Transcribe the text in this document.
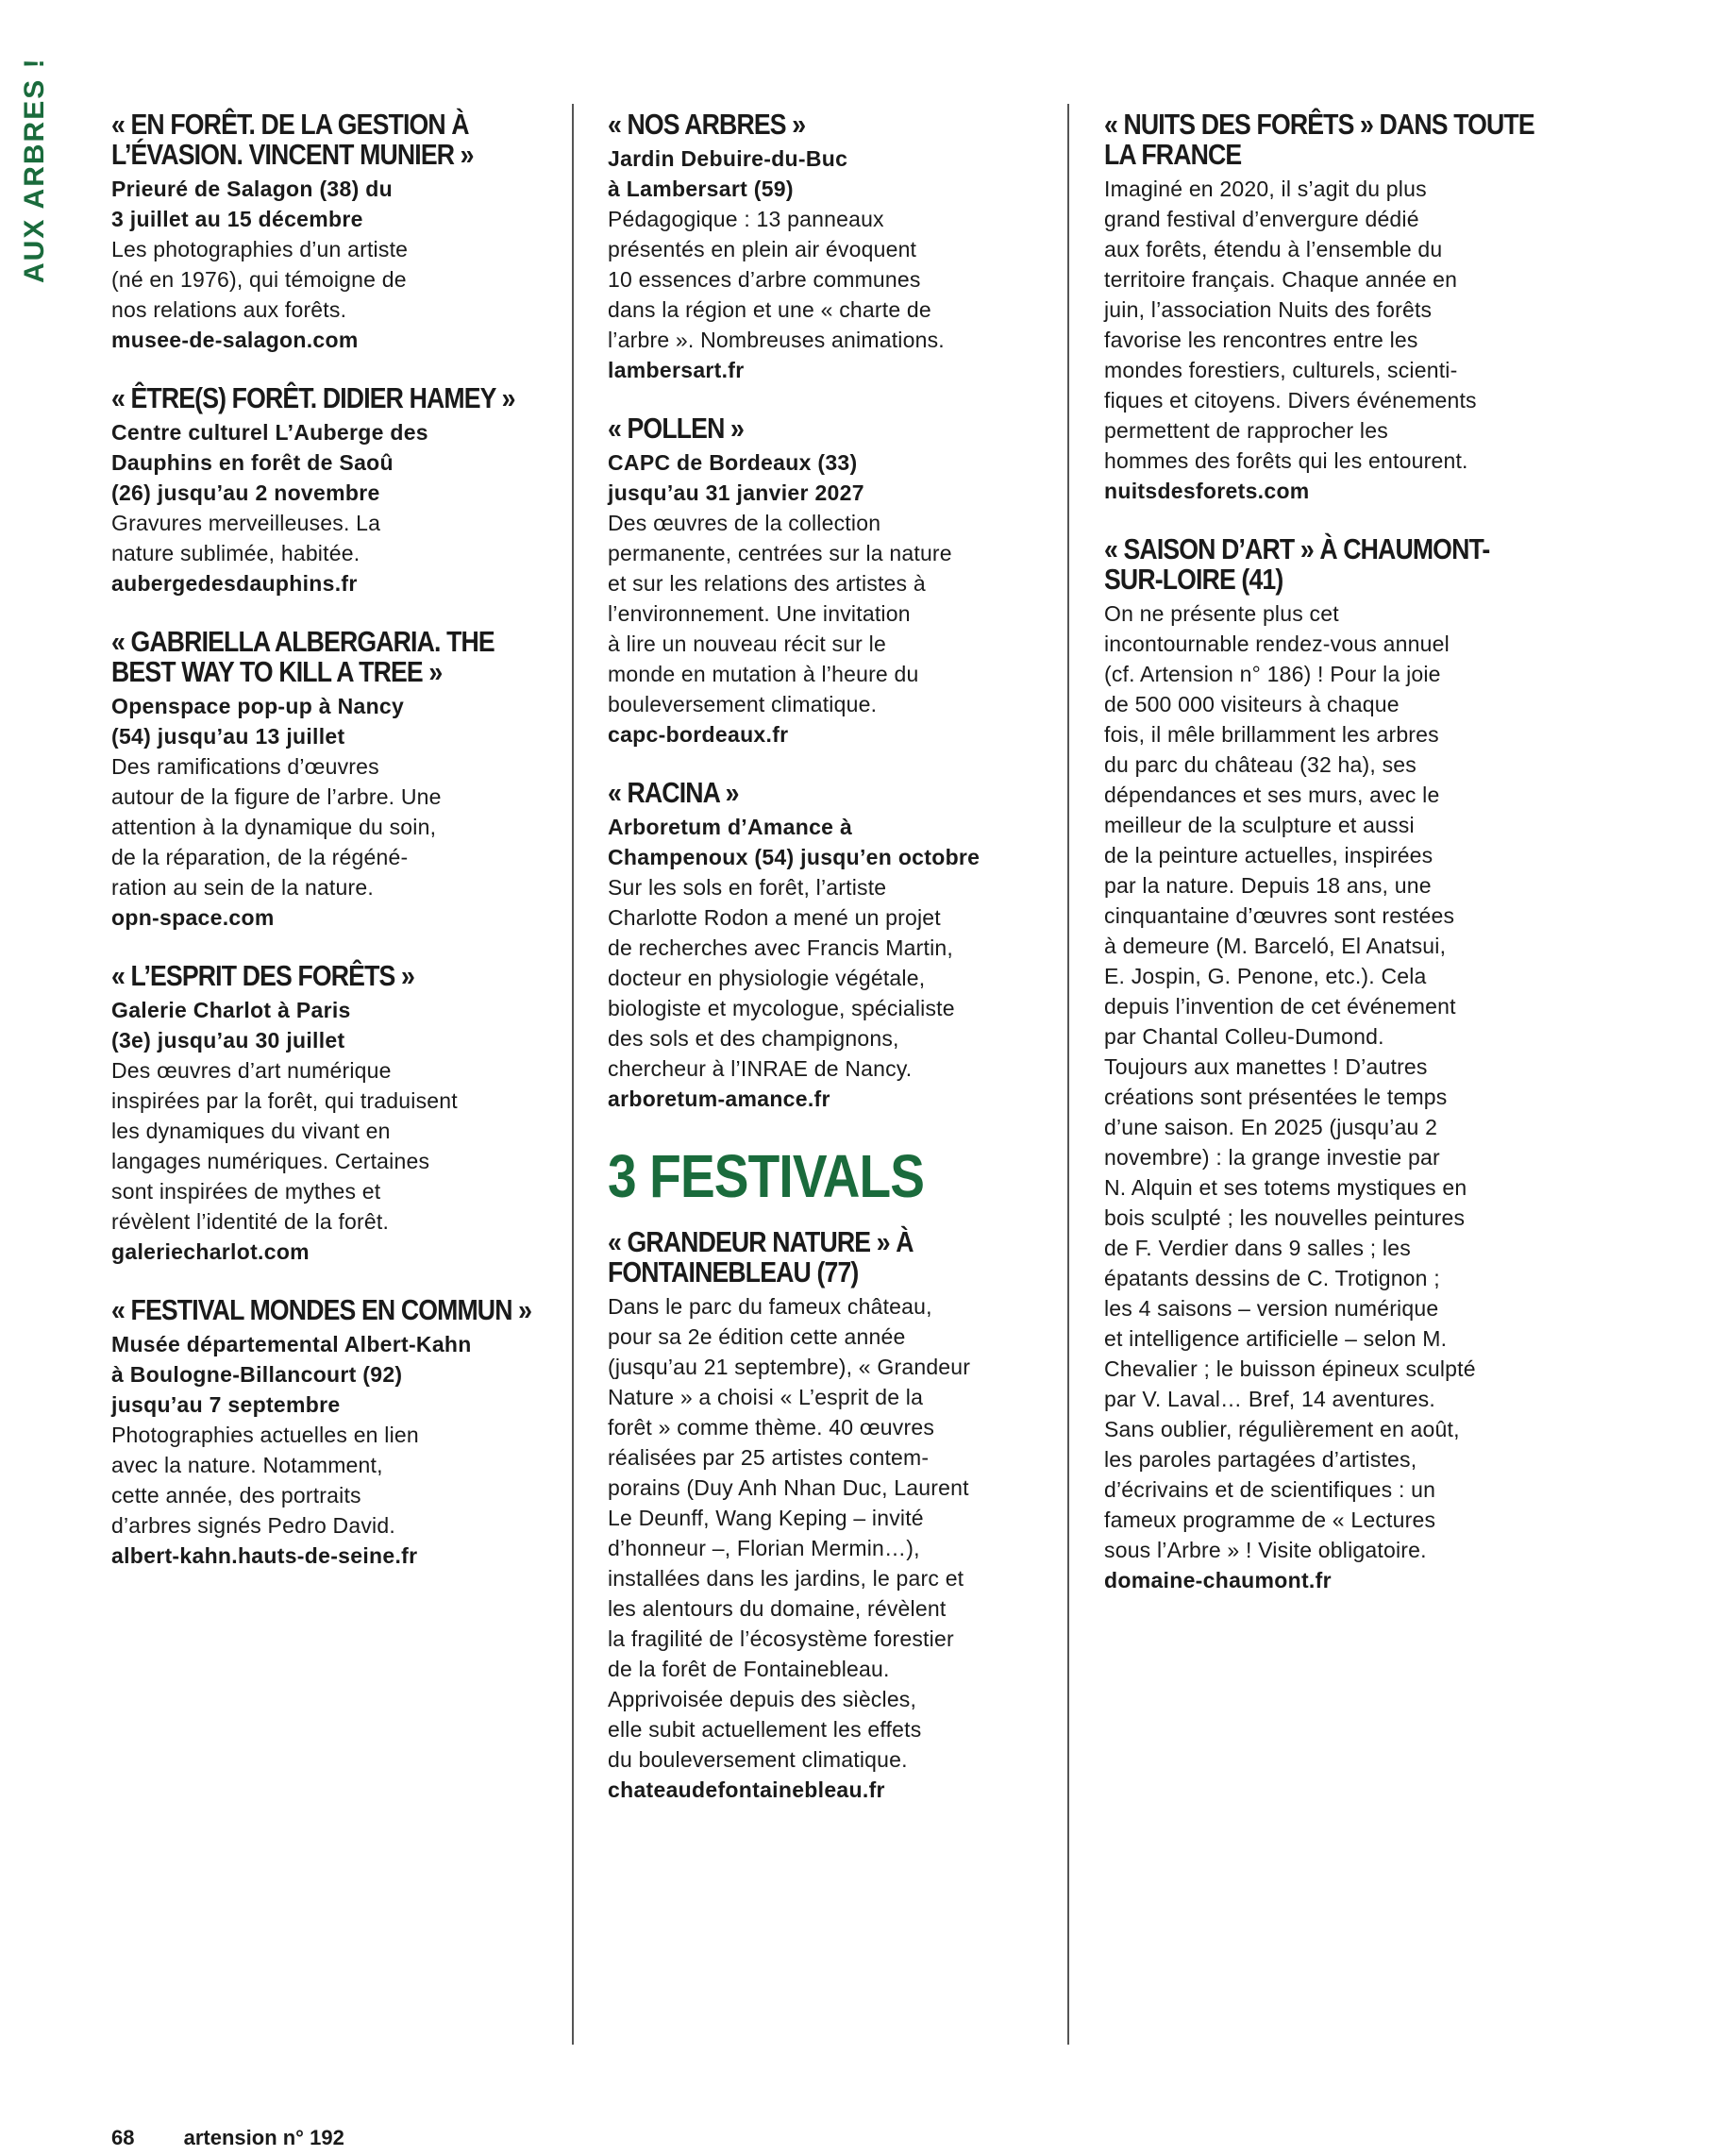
AUX ARBRES ! « EN FORÊT. DE LA GESTION À L’ÉVASION. VINCENT MUNIER »
Prieuré de Salagon (38) du
3 juillet au 15 décembre
Les photographies d’un artiste
(né en 1976), qui témoigne de
nos relations aux forêts.
musee-de-salagon.com
« ÊTRE(S) FORÊT. DIDIER HAMEY »
Centre culturel L’Auberge des
Dauphins en forêt de Saoû
(26) jusqu’au 2 novembre
Gravures merveilleuses. La
nature sublimée, habitée.
aubergedesdauphins.fr
« GABRIELLA ALBERGARIA. THE BEST WAY TO KILL A TREE »
Openspace pop-up à Nancy
(54) jusqu’au 13 juillet
Des ramifications d’œuvres
autour de la figure de l’arbre. Une
attention à la dynamique du soin,
de la réparation, de la régéné-
ration au sein de la nature.
opn-space.com
« L’ESPRIT DES FORÊTS »
Galerie Charlot à Paris
(3e) jusqu’au 30 juillet
Des œuvres d’art numérique
inspirées par la forêt, qui traduisent
les dynamiques du vivant en
langages numériques. Certaines
sont inspirées de mythes et
révèlent l’identité de la forêt.
galeriecharlot.com
« FESTIVAL MONDES EN COMMUN »
Musée départemental Albert-Kahn
à Boulogne-Billancourt (92)
jusqu’au 7 septembre
Photographies actuelles en lien
avec la nature. Notamment,
cette année, des portraits
d’arbres signés Pedro David.
albert-kahn.hauts-de-seine.fr
« NOS ARBRES »
Jardin Debuire-du-Buc
à Lambersart (59)
Pédagogique : 13 panneaux
présentés en plein air évoquent
10 essences d’arbre communes
dans la région et une « charte de
l’arbre ». Nombreuses animations.
lambersart.fr
« POLLEN »
CAPC de Bordeaux (33)
jusqu’au 31 janvier 2027
Des œuvres de la collection
permanente, centrées sur la nature
et sur les relations des artistes à
l’environnement. Une invitation
à lire un nouveau récit sur le
monde en mutation à l’heure du
bouleversement climatique.
capc-bordeaux.fr
« RACINA »
Arboretum d’Amance à
Champenoux (54) jusqu’en octobre
Sur les sols en forêt, l’artiste
Charlotte Rodon a mené un projet
de recherches avec Francis Martin,
docteur en physiologie végétale,
biologiste et mycologue, spécialiste
des sols et des champignons,
chercheur à l’INRAE de Nancy.
arboretum-amance.fr
3 FESTIVALS
« GRANDEUR NATURE » À FONTAINEBLEAU (77)
Dans le parc du fameux château,
pour sa 2e édition cette année
(jusqu’au 21 septembre), « Grandeur
Nature » a choisi « L’esprit de la
forêt » comme thème. 40 œuvres
réalisées par 25 artistes contem-
porains (Duy Anh Nhan Duc, Laurent
Le Deunff, Wang Keping – invité
d’honneur –, Florian Mermin…),
installées dans les jardins, le parc et
les alentours du domaine, révèlent
la fragilité de l’écosystème forestier
de la forêt de Fontainebleau.
Apprivoisée depuis des siècles,
elle subit actuellement les effets
du bouleversement climatique.
chateaudefontainebleau.fr
« NUITS DES FORÊTS » DANS TOUTE LA FRANCE
Imaginé en 2020, il s’agit du plus
grand festival d’envergure dédié
aux forêts, étendu à l’ensemble du
territoire français. Chaque année en
juin, l’association Nuits des forêts
favorise les rencontres entre les
mondes forestiers, culturels, scienti-
fiques et citoyens. Divers événements
permettent de rapprocher les
hommes des forêts qui les entourent.
nuitsdesforets.com
« SAISON D’ART » À CHAUMONT-SUR-LOIRE (41)
On ne présente plus cet
incontournable rendez-vous annuel
(cf. Artension n° 186) ! Pour la joie
de 500 000 visiteurs à chaque
fois, il mêle brillamment les arbres
du parc du château (32 ha), ses
dépendances et ses murs, avec le
meilleur de la sculpture et aussi
de la peinture actuelles, inspirées
par la nature. Depuis 18 ans, une
cinquantaine d’œuvres sont restées
à demeure (M. Barceló, El Anatsui,
E. Jospin, G. Penone, etc.). Cela
depuis l’invention de cet événement
par Chantal Colleu-Dumond.
Toujours aux manettes ! D’autres
créations sont présentées le temps
d’une saison. En 2025 (jusqu’au 2
novembre) : la grange investie par
N. Alquin et ses totems mystiques en
bois sculpté ; les nouvelles peintures
de F. Verdier dans 9 salles ; les
épatants dessins de C. Trotignon ;
les 4 saisons – version numérique
et intelligence artificielle – selon M.
Chevalier ; le buisson épineux sculpté
par V. Laval… Bref, 14 aventures.
Sans oublier, régulièrement en août,
les paroles partagées d’artistes,
d’écrivains et de scientifiques : un
fameux programme de « Lectures
sous l’Arbre » ! Visite obligatoire.
domaine-chaumont.fr
68 artension n° 192
